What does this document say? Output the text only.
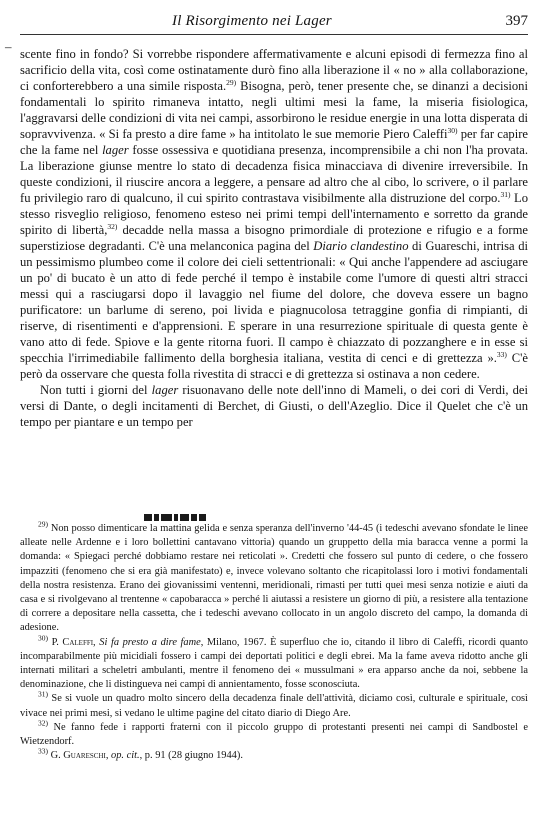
Il Risorgimento nei Lager	397
– scente fino in fondo? Si vorrebbe rispondere affermativamente e alcuni episodi di fermezza fino al sacrificio della vita, così come ostinatamente durò fino alla liberazione il « no » alla collaborazione, ci conforterebbero a una simile risposta.$^{29)}$ Bisogna, però, tener presente che, se dinanzi a decisioni fondamentali lo spirito rimaneva intatto, negli ultimi mesi la fame, la miseria fisiologica, l'aggravarsi delle condizioni di vita nei campi, assorbirono le residue energie in una lotta disperata di sopravvivenza. « Si fa presto a dire fame » ha intitolato le sue memorie Piero Caleffi$^{30)}$ per far capire che la fame nel lager fosse ossessiva e quotidiana presenza, incomprensibile a chi non l'ha provata. La liberazione giunse mentre lo stato di decadenza fisica minacciava di divenire irreversibile. In queste condizioni, il riuscire ancora a leggere, a pensare ad altro che al cibo, lo scrivere, o il parlare fu privilegio raro di qualcuno, il cui spirito contrastava visibilmente alla distruzione del corpo.$^{31)}$ Lo stesso risveglio religioso, fenomeno esteso nei primi tempi dell'internamento e sorretto da grande spirito di libertà,$^{32)}$ decadde nella massa a bisogno primordiale di protezione e rifugio e a forme superstiziose degradanti. C'è una melanconica pagina del Diario clandestino di Guareschi, intrisa di un pessimismo plumbeo come il colore dei cieli settentrionali: « Qui anche l'appendere ad asciugare un po' di bucato è un atto di fede perché il tempo è instabile come l'umore di questi altri stracci messi qui a rasciugarsi dopo il lavaggio nel fiume del dolore, che doveva essere un bagno purificatore: un barlume di sereno, poi livida e piagnucolosa tetraggine gonfia di rimpianti, di riserve, di risentimenti e d'apprensioni. E sperare in una resurrezione spirituale di questa gente è vano atto di fede. Spiove e la gente ritorna fuori. Il campo è chiazzato di pozzanghere e in esse si specchia l'irrimediabile fallimento della borghesia italiana, vestita di cenci e di grettezza ».$^{33)}$ C'è però da osservare che questa folla rivestita di stracci e di grettezza si ostinava a non cedere.

Non tutti i giorni del lager risuonavano delle note dell'inno di Mameli, o dei cori di Verdi, dei versi di Dante, o degli incitamenti di Berchet, di Giusti, o dell'Azeglio. Dice il Quelet che c'è un tempo per piantare e un tempo per

$^{29)}$ Non posso dimenticare la mattina gelida e senza speranza dell'inverno '44-45 (i tedeschi avevano sfondate le linee alleate nelle Ardenne e i loro bollettini cantavano vittoria) quando un gruppetto della mia baracca venne a pormi la domanda: « Spiegaci perché dobbiamo restare nei reticolati ». Credetti che fossero sul punto di cedere, o che fossero impazziti (fenomeno che si era già manifestato) e, invece volevano soltanto che ricapitolassi loro i motivi fondamentali della nostra resistenza. Erano dei giovanissimi ventenni, meridionali, rimasti per tutti quei mesi senza notizie e aiuti da casa e si rivolgevano al trentenne « capobaracca » perché li aiutassi a resistere un giorno di più, a resistere alla tentazione di correre a depositare nella cassetta, che i tedeschi avevano collocato in un angolo discreto del campo, la domanda di adesione.

$^{30)}$ P. Caleffi, Si fa presto a dire fame, Milano, 1967. È superfluo che io, citando il libro di Caleffi, ricordi quanto incomparabilmente più micidiali fossero i campi dei deportati politici e degli ebrei. Ma la fame aveva ridotto anche gli internati militari a scheletri ambulanti, mentre il fenomeno dei « mussulmani » era apparso anche da noi, sebbene la denominazione, che li distingueva nei campi di annientamento, fosse sconosciuta.

$^{31)}$ Se si vuole un quadro molto sincero della decadenza finale dell'attività, diciamo così, culturale e spirituale, così vivace nei primi mesi, si vedano le ultime pagine del citato diario di Diego Are.

$^{32)}$ Ne fanno fede i rapporti fraterni con il piccolo gruppo di protestanti presenti nei campi di Sandbostel e Wietzendorf.

$^{33)}$ G. Guareschi, op. cit., p. 91 (28 giugno 1944).
